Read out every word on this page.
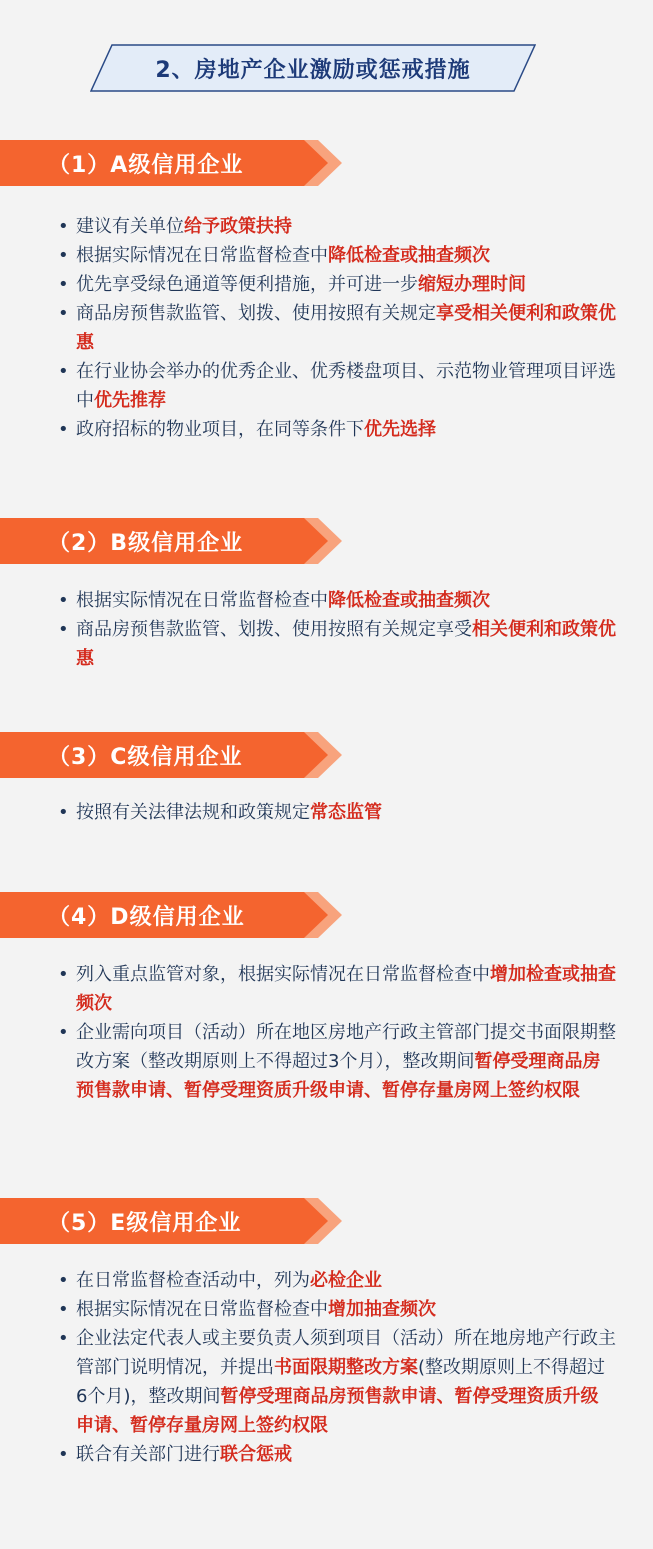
2、房地产企业激励或惩戒措施
（1）A级信用企业
• 建议有关单位给予政策扶持
• 根据实际情况在日常监督检查中降低检查或抽查频次
• 优先享受绿色通道等便利措施，并可进一步缩短办理时间
• 商品房预售款监管、划拨、使用按照有关规定享受相关便利和政策优惠
• 在行业协会举办的优秀企业、优秀楼盘项目、示范物业管理项目评选中优先推荐
• 政府招标的物业项目，在同等条件下优先选择
（2）B级信用企业
• 根据实际情况在日常监督检查中降低检查或抽查频次
• 商品房预售款监管、划拨、使用按照有关规定享受相关便利和政策优惠
（3）C级信用企业
• 按照有关法律法规和政策规定常态监管
（4）D级信用企业
• 列入重点监管对象，根据实际情况在日常监督检查中增加检查或抽查频次
• 企业需向项目（活动）所在地区房地产行政主管部门提交书面限期整改方案（整改期原则上不得超过3个月），整改期间暂停受理商品房预售款申请、暂停受理资质升级申请、暂停存量房网上签约权限
（5）E级信用企业
• 在日常监督检查活动中，列为必检企业
• 根据实际情况在日常监督检查中增加抽查频次
• 企业法定代表人或主要负责人须到项目（活动）所在地房地产行政主管部门说明情况，并提出书面限期整改方案(整改期原则上不得超过6个月)，整改期间暂停受理商品房预售款申请、暂停受理资质升级申请、暂停存量房网上签约权限
• 联合有关部门进行联合惩戒
